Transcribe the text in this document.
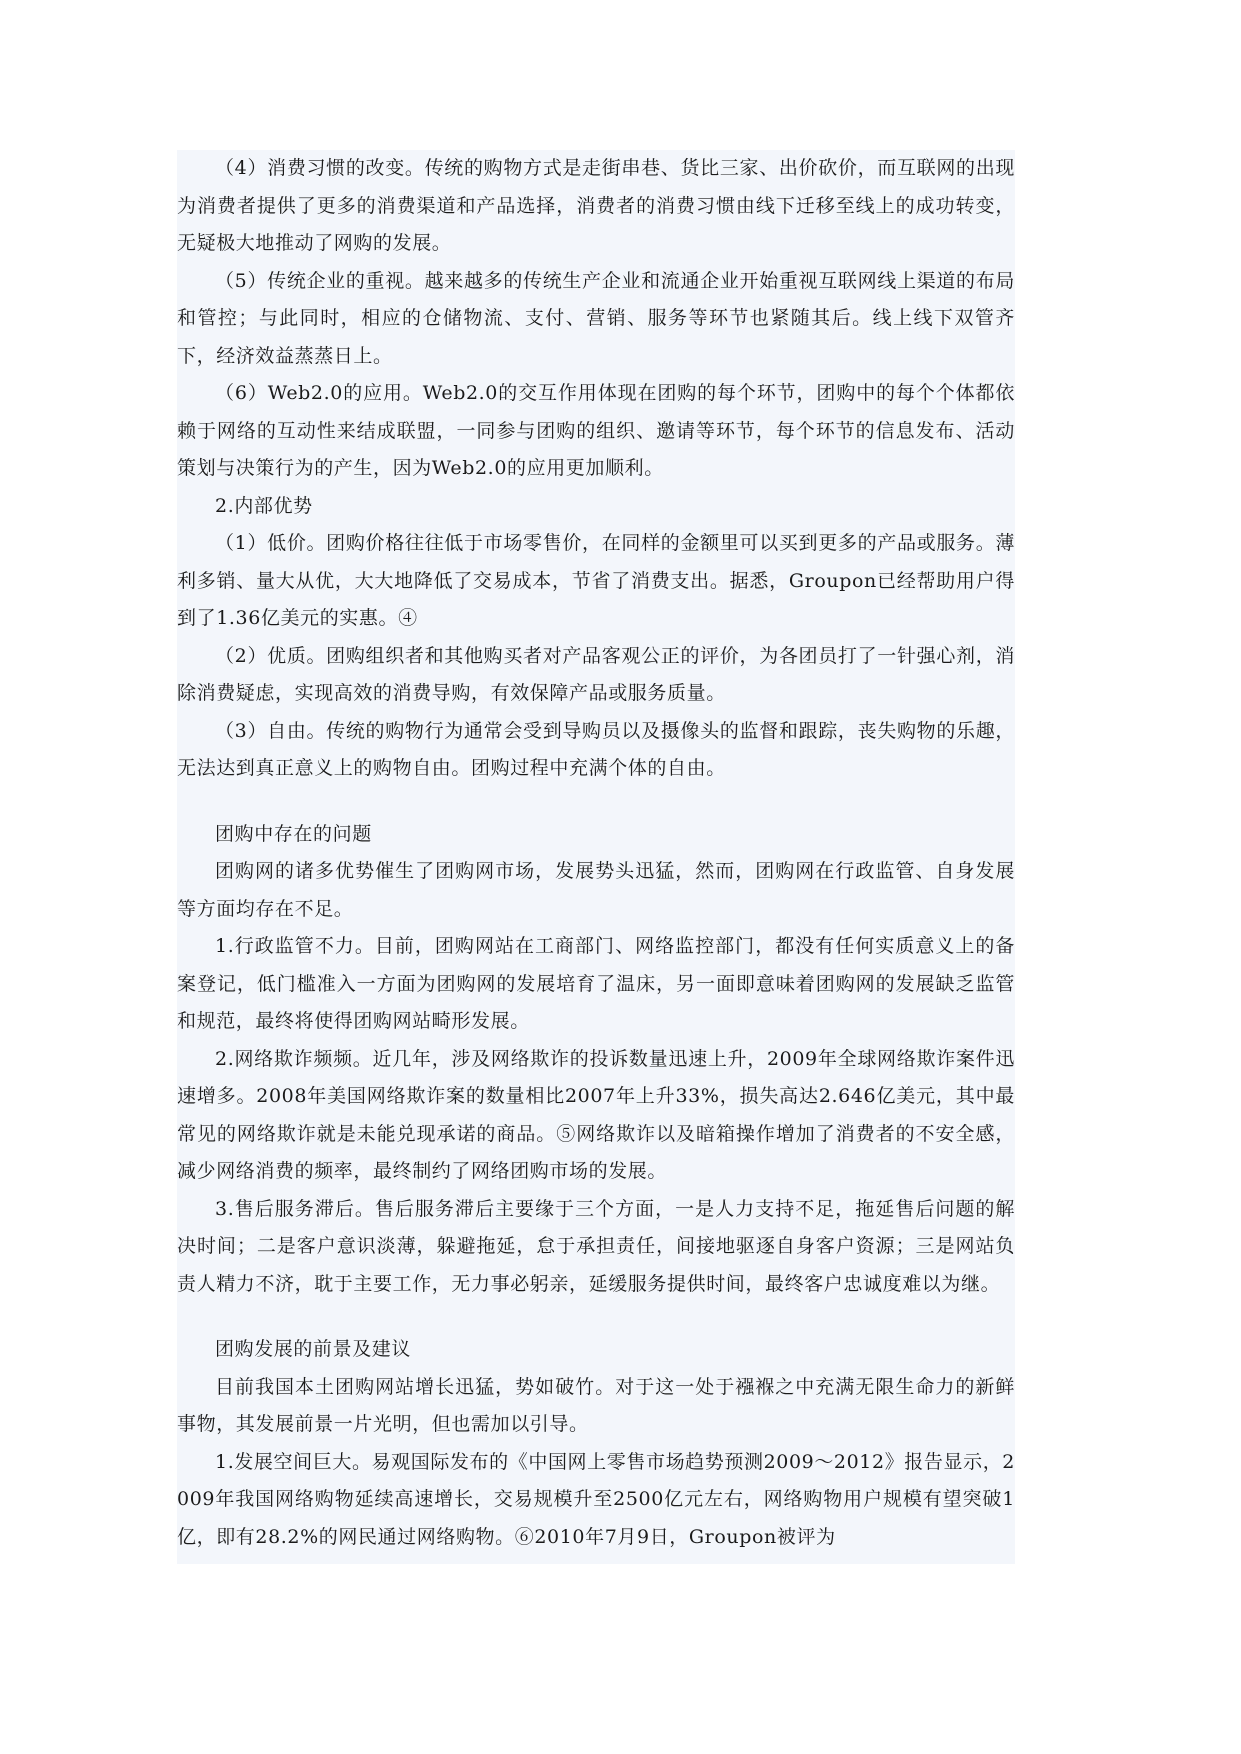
（4）消费习惯的改变。传统的购物方式是走街串巷、货比三家、出价砍价，而互联网的出现为消费者提供了更多的消费渠道和产品选择，消费者的消费习惯由线下迁移至线上的成功转变，无疑极大地推动了网购的发展。

（5）传统企业的重视。越来越多的传统生产企业和流通企业开始重视互联网线上渠道的布局和管控；与此同时，相应的仓储物流、支付、营销、服务等环节也紧随其后。线上线下双管齐下，经济效益蒸蒸日上。

（6）Web2.0的应用。Web2.0的交互作用体现在团购的每个环节，团购中的每个个体都依赖于网络的互动性来结成联盟，一同参与团购的组织、邀请等环节，每个环节的信息发布、活动策划与决策行为的产生，因为Web2.0的应用更加顺利。

2.内部优势

（1）低价。团购价格往往低于市场零售价，在同样的金额里可以买到更多的产品或服务。薄利多销、量大从优，大大地降低了交易成本，节省了消费支出。据悉，Groupon已经帮助用户得到了1.36亿美元的实惠。④

（2）优质。团购组织者和其他购买者对产品客观公正的评价，为各团员打了一针强心剂，消除消费疑虑，实现高效的消费导购，有效保障产品或服务质量。

（3）自由。传统的购物行为通常会受到导购员以及摄像头的监督和跟踪，丧失购物的乐趣，无法达到真正意义上的购物自由。团购过程中充满个体的自由。

团购中存在的问题

团购网的诸多优势催生了团购网市场，发展势头迅猛，然而，团购网在行政监管、自身发展等方面均存在不足。

1.行政监管不力。目前，团购网站在工商部门、网络监控部门，都没有任何实质意义上的备案登记，低门槛准入一方面为团购网的发展培育了温床，另一面即意味着团购网的发展缺乏监管和规范，最终将使得团购网站畸形发展。

2.网络欺诈频频。近几年，涉及网络欺诈的投诉数量迅速上升，2009年全球网络欺诈案件迅速增多。2008年美国网络欺诈案的数量相比2007年上升33%，损失高达2.646亿美元，其中最常见的网络欺诈就是未能兑现承诺的商品。⑤网络欺诈以及暗箱操作增加了消费者的不安全感，减少网络消费的频率，最终制约了网络团购市场的发展。

3.售后服务滞后。售后服务滞后主要缘于三个方面，一是人力支持不足，拖延售后问题的解决时间；二是客户意识淡薄，躲避拖延，怠于承担责任，间接地驱逐自身客户资源；三是网站负责人精力不济，耽于主要工作，无力事必躬亲，延缓服务提供时间，最终客户忠诚度难以为继。

团购发展的前景及建议

目前我国本土团购网站增长迅猛，势如破竹。对于这一处于襁褓之中充满无限生命力的新鲜事物，其发展前景一片光明，但也需加以引导。

1.发展空间巨大。易观国际发布的《中国网上零售市场趋势预测2009～2012》报告显示，2009年我国网络购物延续高速增长，交易规模升至2500亿元左右，网络购物用户规模有望突破1亿，即有28.2%的网民通过网络购物。⑥2010年7月9日，Groupon被评为
